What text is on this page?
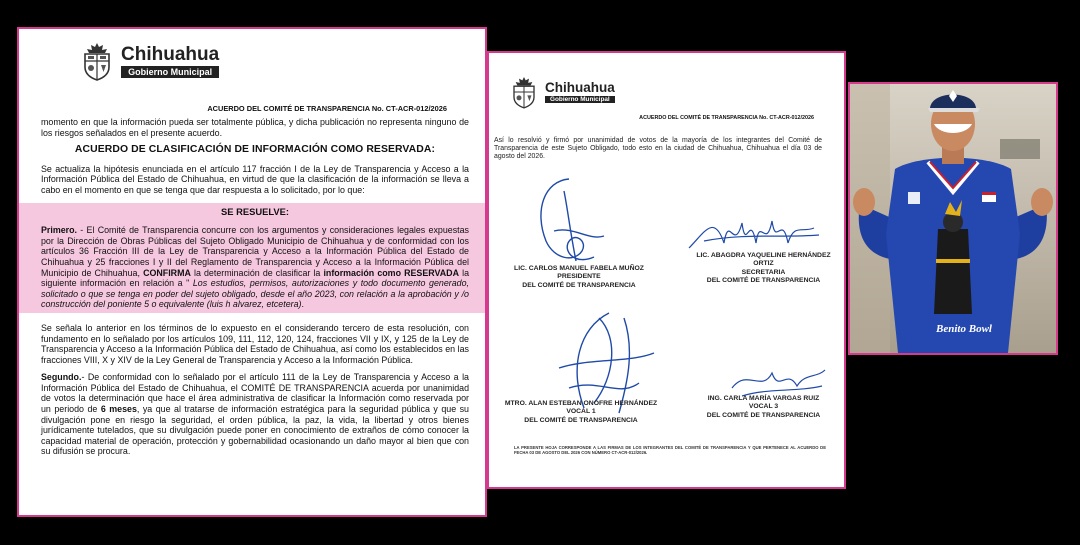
Chihuahua
Gobierno Municipal
ACUERDO DEL COMITÉ DE TRANSPARENCIA No. CT-ACR-012/2026
momento en que la información pueda ser totalmente pública, y dicha publicación no representa ninguno de los riesgos señalados en el presente acuerdo.
ACUERDO DE CLASIFICACIÓN DE INFORMACIÓN COMO RESERVADA:
Se actualiza la hipótesis enunciada en el artículo 117 fracción I de la Ley de Transparencia y Acceso a la Información Pública del Estado de Chihuahua, en virtud de que la clasificación de la información se lleva a cabo en el momento en que se tenga que dar respuesta a lo solicitado, por lo que:
SE RESUELVE:
Primero. - El Comité de Transparencia concurre con los argumentos y consideraciones legales expuestas por la Dirección de Obras Públicas del Sujeto Obligado Municipio de Chihuahua y de conformidad con los artículos 36 Fracción III de la Ley de Transparencia y Acceso a la Información Pública del Estado de Chihuahua y 25 fracciones I y II del Reglamento de Transparencia y Acceso a la Información Pública del Municipio de Chihuahua, CONFIRMA la determinación de clasificar la información como RESERVADA la siguiente información en relación a " Los estudios, permisos, autorizaciones y todo documento generado, solicitado o que se tenga en poder del sujeto obligado, desde el año 2023, con relación a la aprobación y /o construcción del poniente 5 o equivalente (luis h alvarez, etcetera).
Se señala lo anterior en los términos de lo expuesto en el considerando tercero de esta resolución, con fundamento en lo señalado por los artículos 109, 111, 112, 120, 124, fracciones VII y IX, y 125 de la Ley de Transparencia y Acceso a la Información Pública del Estado de Chihuahua, así como los establecidos en las fracciones VIII, X y XIV de la Ley General de Transparencia y Acceso a la Información Pública.
Segundo.- De conformidad con lo señalado por el artículo 111 de la Ley de Transparencia y Acceso a la Información Pública del Estado de Chihuahua, el COMITÉ DE TRANSPARENCIA acuerda por unanimidad de votos la determinación que hace el área administrativa de clasificar la Información como reservada por un periodo de 6 meses, ya que al tratarse de información estratégica para la seguridad pública y que su divulgación pone en riesgo la seguridad, el orden pública, la paz, la vida, la libertad y otros bienes jurídicamente tutelados, que su divulgación puede poner en conocimiento de extraños de cómo conocer la capacidad material de operación, protección y gobernabilidad ocasionando un daño mayor al bien que con su difusión se procura.
Chihuahua
Gobierno Municipal
ACUERDO DEL COMITÉ DE TRANSPARENCIA No. CT-ACR-012/2026
Así lo resolvió y firmó por unanimidad de votos de la mayoría de los integrantes del Comité de Transparencia de este Sujeto Obligado, todo esto en la ciudad de Chihuahua, Chihuahua el día 03 de agosto del 2026.
LIC. CARLOS MANUEL FABELA MUÑOZ
PRESIDENTE
DEL COMITÉ DE TRANSPARENCIA
LIC. ABAGDRA YAQUELINE HERNÁNDEZ
ORTIZ
SECRETARIA
DEL COMITÉ DE TRANSPARENCIA
MTRO. ALAN ESTEBAN ONOFRE HERNÁNDEZ
VOCAL 1
DEL COMITÉ DE TRANSPARENCIA
ING. CARLA MARÍA VARGAS RUIZ
VOCAL 3
DEL COMITÉ DE TRANSPARENCIA
LA PRESENTE HOJA CORRESPONDE A LAS FIRMAS DE LOS INTEGRANTES DEL COMITÉ DE TRANSPARENCIA Y QUE PERTENECE AL ACUERDO DE FECHA 03 DE AGOSTO DEL 2026 CON NÚMERO CT-ACR-012/2026.
Benito Bowl
